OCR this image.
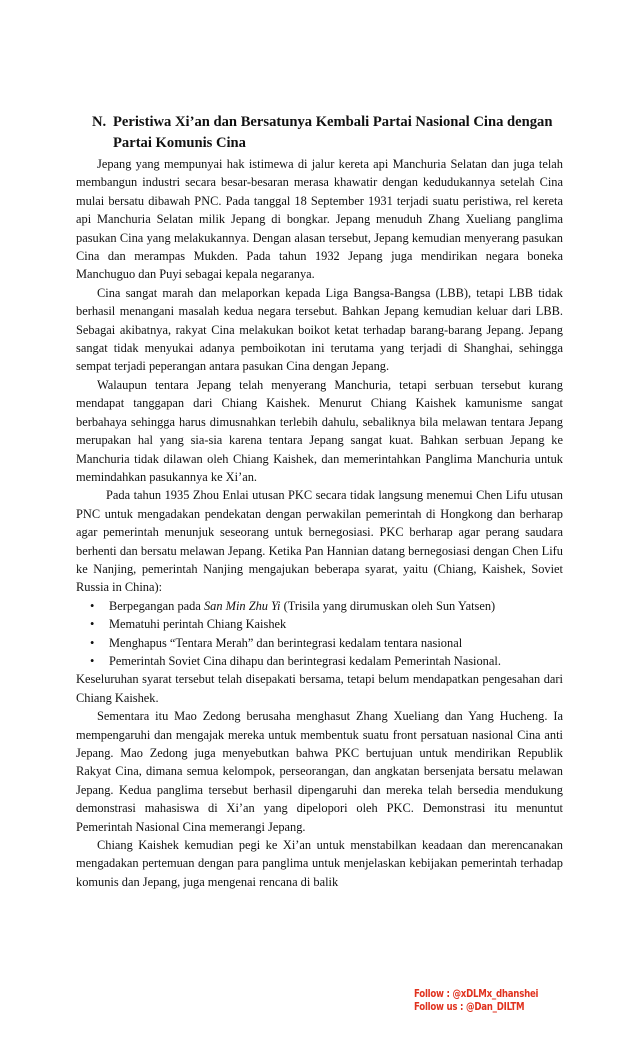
N. Peristiwa Xi’an dan Bersatunya Kembali Partai Nasional Cina dengan Partai Komunis Cina

Jepang yang mempunyai hak istimewa di jalur kereta api Manchuria Selatan dan juga telah membangun industri secara besar-besaran merasa khawatir dengan kedudukannya setelah Cina mulai bersatu dibawah PNC. Pada tanggal 18 September 1931 terjadi suatu peristiwa, rel kereta api Manchuria Selatan milik Jepang di bongkar. Jepang menuduh Zhang Xueliang panglima pasukan Cina yang melakukannya. Dengan alasan tersebut, Jepang kemudian menyerang pasukan Cina dan merampas Mukden. Pada tahun 1932 Jepang juga mendirikan negara boneka Manchuguo dan Puyi sebagai kepala negaranya.

Cina sangat marah dan melaporkan kepada Liga Bangsa-Bangsa (LBB), tetapi LBB tidak berhasil menangani masalah kedua negara tersebut. Bahkan Jepang kemudian keluar dari LBB. Sebagai akibatnya, rakyat Cina melakukan boikot ketat terhadap barang-barang Jepang. Jepang sangat tidak menyukai adanya pemboikotan ini terutama yang terjadi di Shanghai, sehingga sempat terjadi peperangan antara pasukan Cina dengan Jepang.

Walaupun tentara Jepang telah menyerang Manchuria, tetapi serbuan tersebut kurang mendapat tanggapan dari Chiang Kaishek. Menurut Chiang Kaishek kamunisme sangat berbahaya sehingga harus dimusnahkan terlebih dahulu, sebaliknya bila melawan tentara Jepang merupakan hal yang sia-sia karena tentara Jepang sangat kuat. Bahkan serbuan Jepang ke Manchuria tidak dilawan oleh Chiang Kaishek, dan memerintahkan Panglima Manchuria untuk memindahkan pasukannya ke Xi’an.

Pada tahun 1935 Zhou Enlai utusan PKC secara tidak langsung menemui Chen Lifu utusan PNC untuk mengadakan pendekatan dengan perwakilan pemerintah di Hongkong dan berharap agar pemerintah menunjuk seseorang untuk bernegosiasi. PKC berharap agar perang saudara berhenti dan bersatu melawan Jepang. Ketika Pan Hannian datang bernegosiasi dengan Chen Lifu ke Nanjing, pemerintah Nanjing mengajukan beberapa syarat, yaitu (Chiang, Kaishek, Soviet Russia in China):

• Berpegangan pada San Min Zhu Yi (Trisila yang dirumuskan oleh Sun Yatsen)
• Mematuhi perintah Chiang Kaishek
• Menghapus “Tentara Merah” dan berintegrasi kedalam tentara nasional
• Pemerintah Soviet Cina dihapu dan berintegrasi kedalam Pemerintah Nasional.

Keseluruhan syarat tersebut telah disepakati bersama, tetapi belum mendapatkan pengesahan dari Chiang Kaishek.

Sementara itu Mao Zedong berusaha menghasut Zhang Xueliang dan Yang Hucheng. Ia mempengaruhi dan mengajak mereka untuk membentuk suatu front persatuan nasional Cina anti Jepang. Mao Zedong juga menyebutkan bahwa PKC bertujuan untuk mendirikan Republik Rakyat Cina, dimana semua kelompok, perseorangan, dan angkatan bersenjata bersatu melawan Jepang. Kedua panglima tersebut berhasil dipengaruhi dan mereka telah bersedia mendukung demonstrasi mahasiswa di Xi’an yang dipelopori oleh PKC. Demonstrasi itu menuntut Pemerintah Nasional Cina memerangi Jepang.

Chiang Kaishek kemudian pegi ke Xi’an untuk menstabilkan keadaan dan merencanakan mengadakan pertemuan dengan para panglima untuk menjelaskan kebijakan pemerintah terhadap komunis dan Jepang, juga mengenai rencana di balik

Follow : @xDLMx_dhanshei
Follow us : @Dan_DILTM
